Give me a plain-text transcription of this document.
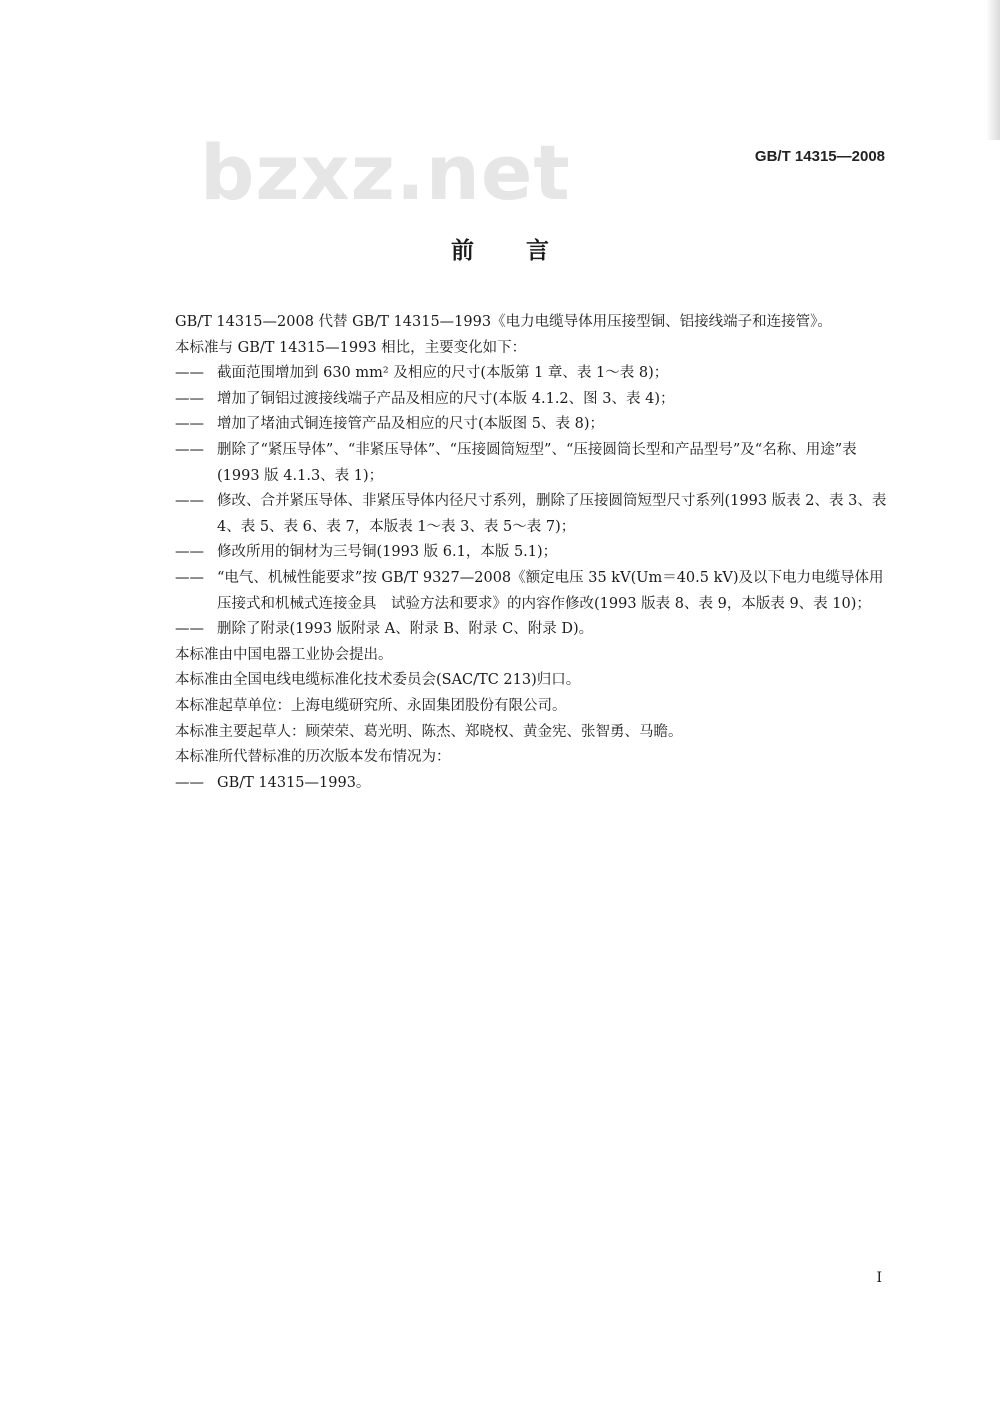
bzxz.net	GB/T 14315—2008
前言
GB/T 14315—2008 代替 GB/T 14315—1993《电力电缆导体用压接型铜、铝接线端子和连接管》。
本标准与 GB/T 14315—1993 相比，主要变化如下：
—— 截面范围增加到 630 mm² 及相应的尺寸(本版第 1 章、表 1～表 8)；
—— 增加了铜铝过渡接线端子产品及相应的尺寸(本版 4.1.2、图 3、表 4)；
—— 增加了堵油式铜连接管产品及相应的尺寸(本版图 5、表 8)；
—— 删除了“紧压导体”、“非紧压导体”、“压接圆筒短型”、“压接圆筒长型和产品型号”及“名称、用途”表(1993 版 4.1.3、表 1)；
—— 修改、合并紧压导体、非紧压导体内径尺寸系列，删除了压接圆筒短型尺寸系列(1993 版表 2、表 3、表 4、表 5、表 6、表 7，本版表 1～表 3、表 5～表 7)；
—— 修改所用的铜材为三号铜(1993 版 6.1，本版 5.1)；
—— “电气、机械性能要求”按 GB/T 9327—2008《额定电压 35 kV(Um＝40.5 kV)及以下电力电缆导体用压接式和机械式连接金具　试验方法和要求》的内容作修改(1993 版表 8、表 9，本版表 9、表 10)；
—— 删除了附录(1993 版附录 A、附录 B、附录 C、附录 D)。
本标准由中国电器工业协会提出。
本标准由全国电线电缆标准化技术委员会(SAC/TC 213)归口。
本标准起草单位：上海电缆研究所、永固集团股份有限公司。
本标准主要起草人：顾荣荣、葛光明、陈杰、郑晓权、黄金宪、张智勇、马瞻。
本标准所代替标准的历次版本发布情况为：
—— GB/T 14315—1993。
I
